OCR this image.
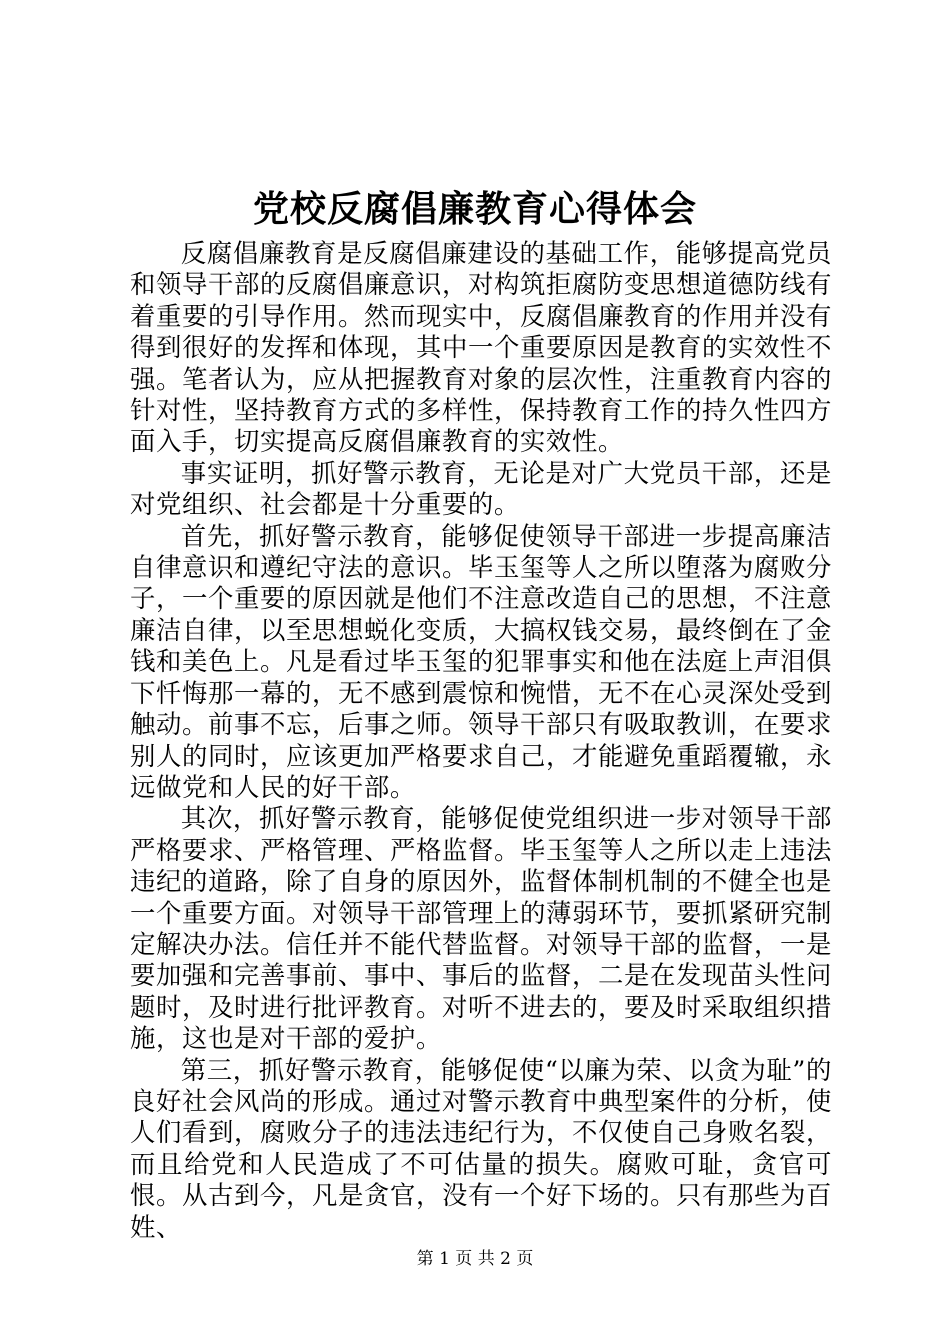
党校反腐倡廉教育心得体会

反腐倡廉教育是反腐倡廉建设的基础工作，能够提高党员和领导干部的反腐倡廉意识，对构筑拒腐防变思想道德防线有着重要的引导作用。然而现实中，反腐倡廉教育的作用并没有得到很好的发挥和体现，其中一个重要原因是教育的实效性不强。笔者认为，应从把握教育对象的层次性，注重教育内容的针对性，坚持教育方式的多样性，保持教育工作的持久性四方面入手，切实提高反腐倡廉教育的实效性。

事实证明，抓好警示教育，无论是对广大党员干部，还是对党组织、社会都是十分重要的。

首先，抓好警示教育，能够促使领导干部进一步提高廉洁自律意识和遵纪守法的意识。毕玉玺等人之所以堕落为腐败分子，一个重要的原因就是他们不注意改造自己的思想，不注意廉洁自律，以至思想蜕化变质，大搞权钱交易，最终倒在了金钱和美色上。凡是看过毕玉玺的犯罪事实和他在法庭上声泪俱下忏悔那一幕的，无不感到震惊和惋惜，无不在心灵深处受到触动。前事不忘，后事之师。领导干部只有吸取教训，在要求别人的同时，应该更加严格要求自己，才能避免重蹈覆辙，永远做党和人民的好干部。

其次，抓好警示教育，能够促使党组织进一步对领导干部严格要求、严格管理、严格监督。毕玉玺等人之所以走上违法违纪的道路，除了自身的原因外，监督体制机制的不健全也是一个重要方面。对领导干部管理上的薄弱环节，要抓紧研究制定解决办法。信任并不能代替监督。对领导干部的监督，一是要加强和完善事前、事中、事后的监督，二是在发现苗头性问题时，及时进行批评教育。对听不进去的，要及时采取组织措施，这也是对干部的爱护。

第三，抓好警示教育，能够促使“以廉为荣、以贪为耻”的良好社会风尚的形成。通过对警示教育中典型案件的分析，使人们看到，腐败分子的违法违纪行为，不仅使自己身败名裂，而且给党和人民造成了不可估量的损失。腐败可耻，贪官可恨。从古到今，凡是贪官，没有一个好下场的。只有那些为百姓、

第 1 页 共 2 页
